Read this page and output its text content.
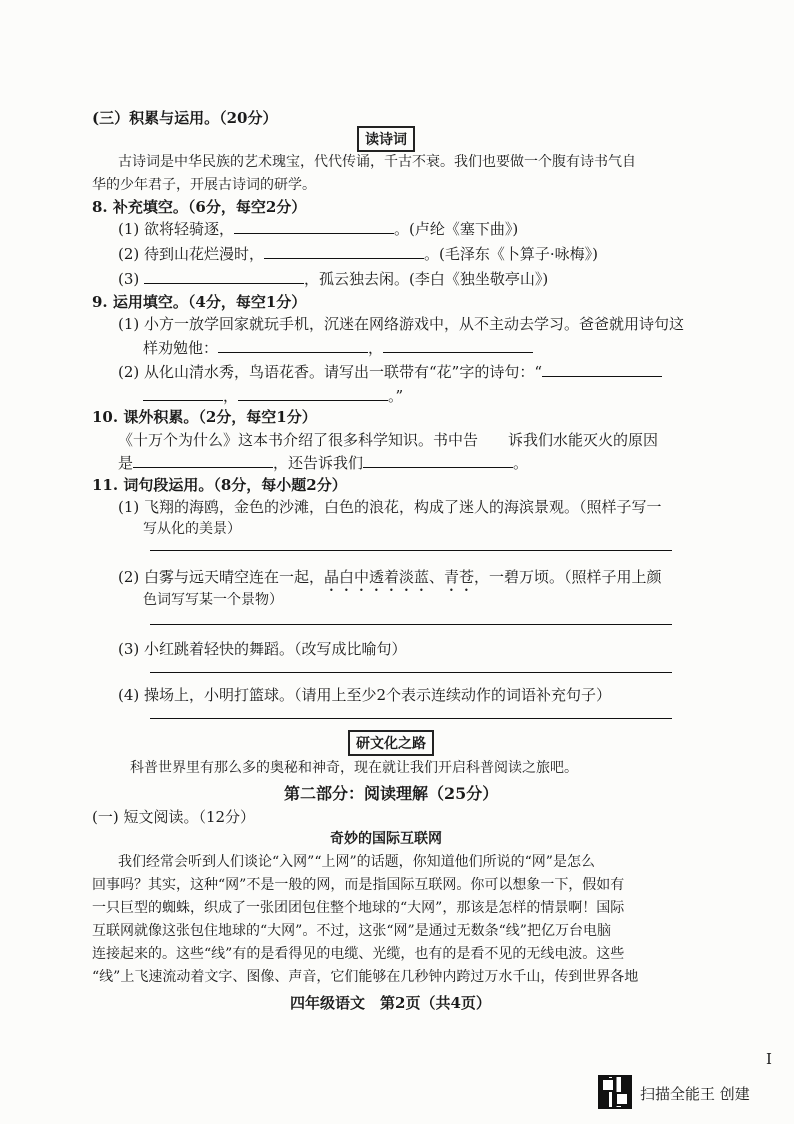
(三）积累与运用。（20分）
读诗词
古诗词是中华民族的艺术瑰宝，代代传诵，千古不衰。我们也要做一个腹有诗书气自
华的少年君子，开展古诗词的研学。
8. 补充填空。（6分，每空2分）
(1) 欲将轻骑逐，	。(卢纶《塞下曲》)
(2) 待到山花烂漫时，	。(毛泽东《卜算子·咏梅》)
(3)	，孤云独去闲。(李白《独坐敬亭山》)
9. 运用填空。（4分，每空1分）
(1) 小方一放学回家就玩手机，沉迷在网络游戏中，从不主动去学习。爸爸就用诗句这
样劝勉他：	，
(2) 从化山清水秀，鸟语花香。请写出一联带有“花”字的诗句：“
，	。”
10. 课外积累。（2分，每空1分）
《十万个为什么》这本书介绍了很多科学知识。书中告　　诉我们水能灭火的原因
是	，还告诉我们	。
11. 词句段运用。（8分，每小题2分）
(1) 飞翔的海鸥，金色的沙滩，白色的浪花，构成了迷人的海滨景观。（照样子写一
写从化的美景）
(2) 白雾与远天晴空连在一起，晶白中透着淡蓝、青苍，一碧万顷。（照样子用上颜
色词写写某一个景物）
(3) 小红跳着轻快的舞蹈。（改写成比喻句）
(4) 操场上，小明打篮球。（请用上至少2个表示连续动作的词语补充句子）
研文化之路
科普世界里有那么多的奥秘和神奇，现在就让我们开启科普阅读之旅吧。
第二部分：阅读理解（25分）
(一) 短文阅读。（12分）
奇妙的国际互联网
我们经常会听到人们谈论“入网”“上网”的话题，你知道他们所说的“网”是怎么
回事吗？其实，这种“网”不是一般的网，而是指国际互联网。你可以想象一下，假如有
一只巨型的蜘蛛，织成了一张团团包住整个地球的“大网”，那该是怎样的情景啊！国际
互联网就像这张包住地球的“大网”。不过，这张“网”是通过无数条“线”把亿万台电脑
连接起来的。这些“线”有的是看得见的电缆、光缆，也有的是看不见的无线电波。这些
“线”上飞速流动着文字、图像、声音，它们能够在几秒钟内跨过万水千山，传到世界各地
四年级语文　第2页（共4页）
I
扫描全能王 创建
